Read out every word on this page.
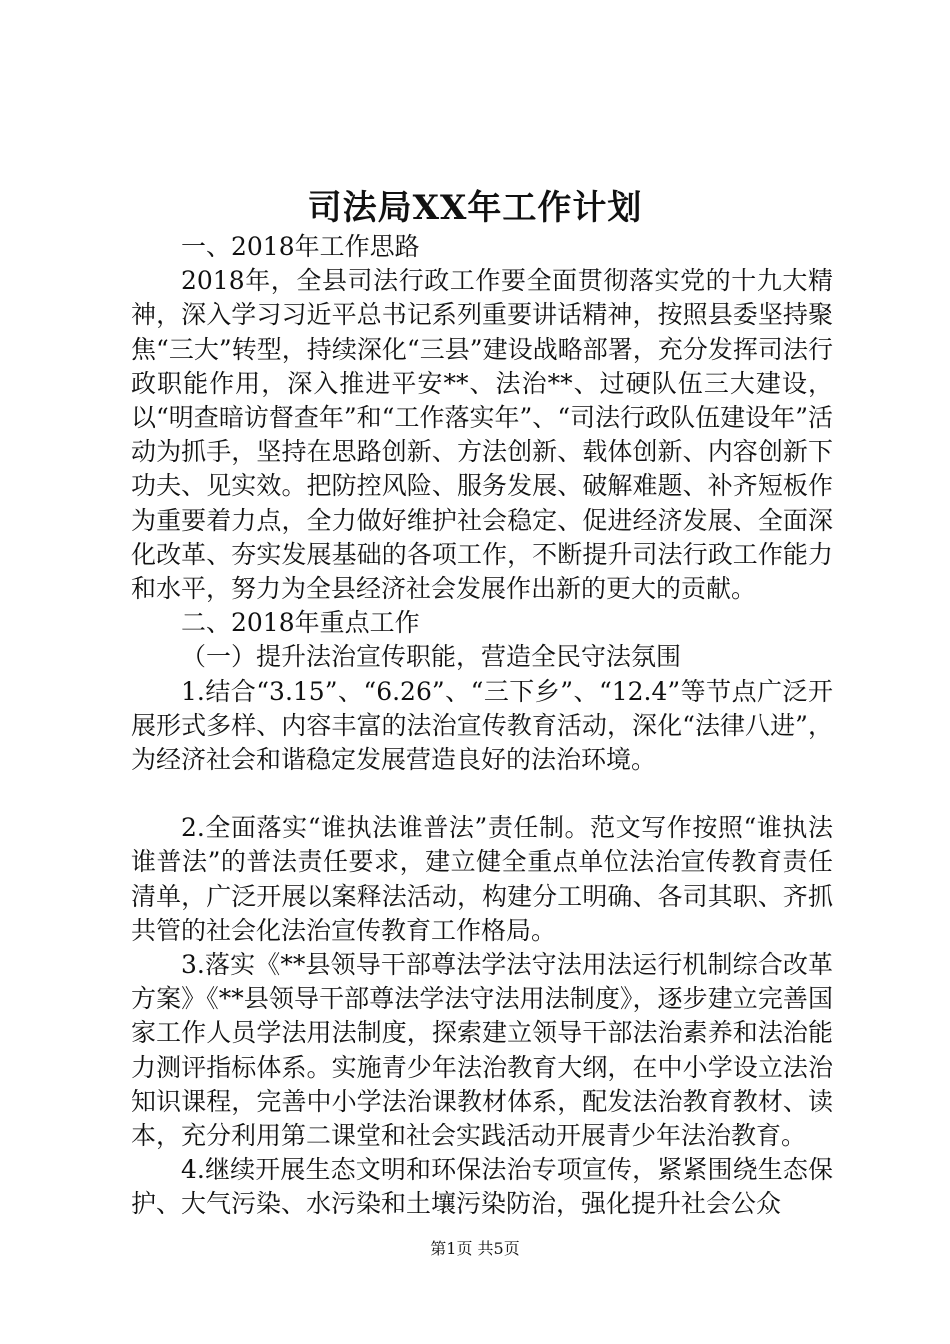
司法局XX年工作计划

一、2018年工作思路

2018年，全县司法行政工作要全面贯彻落实党的十九大精神，深入学习习近平总书记系列重要讲话精神，按照县委坚持聚焦“三大”转型，持续深化“三县”建设战略部署，充分发挥司法行政职能作用，深入推进平安**、法治**、过硬队伍三大建设，以“明查暗访督查年”和“工作落实年”、“司法行政队伍建设年”活动为抓手，坚持在思路创新、方法创新、载体创新、内容创新下功夫、见实效。把防控风险、服务发展、破解难题、补齐短板作为重要着力点，全力做好维护社会稳定、促进经济发展、全面深化改革、夯实发展基础的各项工作，不断提升司法行政工作能力和水平，努力为全县经济社会发展作出新的更大的贡献。

二、2018年重点工作

（一）提升法治宣传职能，营造全民守法氛围

1.结合“3.15”、“6.26”、“三下乡”、“12.4”等节点广泛开展形式多样、内容丰富的法治宣传教育活动，深化“法律八进”，为经济社会和谐稳定发展营造良好的法治环境。

2.全面落实“谁执法谁普法”责任制。范文写作按照“谁执法谁普法”的普法责任要求，建立健全重点单位法治宣传教育责任清单，广泛开展以案释法活动，构建分工明确、各司其职、齐抓共管的社会化法治宣传教育工作格局。

3.落实《**县领导干部尊法学法守法用法运行机制综合改革方案》《**县领导干部尊法学法守法用法制度》，逐步建立完善国家工作人员学法用法制度，探索建立领导干部法治素养和法治能力测评指标体系。实施青少年法治教育大纲，在中小学设立法治知识课程，完善中小学法治课教材体系，配发法治教育教材、读本，充分利用第二课堂和社会实践活动开展青少年法治教育。

4.继续开展生态文明和环保法治专项宣传，紧紧围绕生态保护、大气污染、水污染和土壤污染防治，强化提升社会公众

第1页 共5页
